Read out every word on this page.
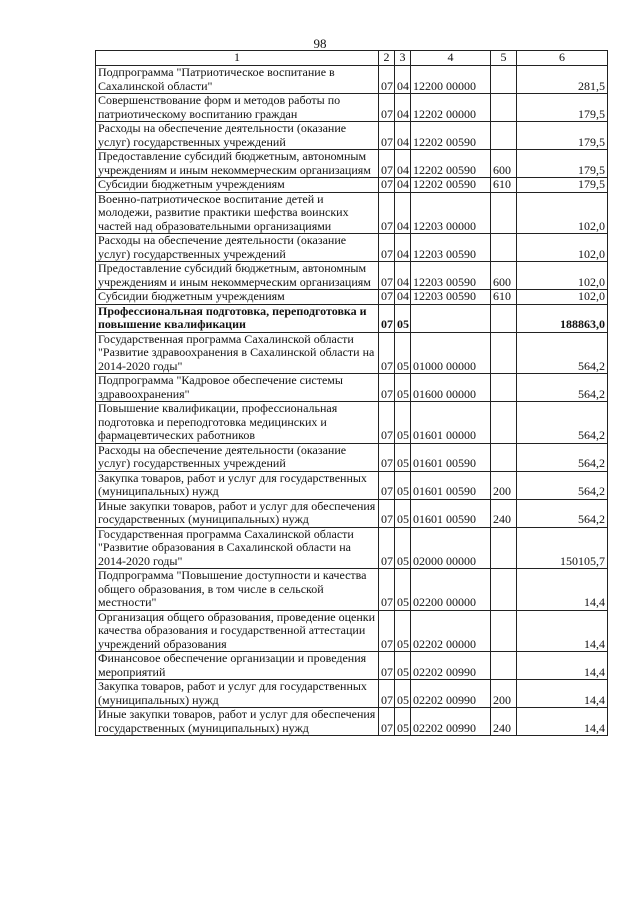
98
1	2	3	4	5	6
Подпрограмма "Патриотическое воспитание в Сахалинской области"	07	04	12200 00000		281,5
Совершенствование форм и методов работы по патриотическому воспитанию граждан	07	04	12202 00000		179,5
Расходы на обеспечение деятельности (оказание услуг) государственных учреждений	07	04	12202 00590		179,5
Предоставление субсидий бюджетным, автономным учреждениям и иным некоммерческим организациям	07	04	12202 00590	600	179,5
Субсидии бюджетным учреждениям	07	04	12202 00590	610	179,5
Военно-патриотическое воспитание детей и молодежи, развитие практики шефства воинских частей над образовательными организациями	07	04	12203 00000		102,0
Расходы на обеспечение деятельности (оказание услуг) государственных учреждений	07	04	12203 00590		102,0
Предоставление субсидий бюджетным, автономным учреждениям и иным некоммерческим организациям	07	04	12203 00590	600	102,0
Субсидии бюджетным учреждениям	07	04	12203 00590	610	102,0
Профессиональная подготовка, переподготовка и повышение квалификации	07	05			188863,0
Государственная программа Сахалинской области "Развитие здравоохранения в Сахалинской области на 2014-2020 годы"	07	05	01000 00000		564,2
Подпрограмма "Кадровое обеспечение системы здравоохранения"	07	05	01600 00000		564,2
Повышение квалификации, профессиональная подготовка и переподготовка медицинских и фармацевтических работников	07	05	01601 00000		564,2
Расходы на обеспечение деятельности (оказание услуг) государственных учреждений	07	05	01601 00590		564,2
Закупка товаров, работ и услуг для государственных (муниципальных) нужд	07	05	01601 00590	200	564,2
Иные закупки товаров, работ и услуг для обеспечения государственных (муниципальных) нужд	07	05	01601 00590	240	564,2
Государственная программа Сахалинской области "Развитие образования в Сахалинской области на 2014-2020 годы"	07	05	02000 00000		150105,7
Подпрограмма "Повышение доступности и качества общего образования, в том числе в сельской местности"	07	05	02200 00000		14,4
Организация общего образования, проведение оценки качества образования и государственной аттестации учреждений образования	07	05	02202 00000		14,4
Финансовое обеспечение организации и проведения мероприятий	07	05	02202 00990		14,4
Закупка товаров, работ и услуг для государственных (муниципальных) нужд	07	05	02202 00990	200	14,4
Иные закупки товаров, работ и услуг для обеспечения государственных (муниципальных) нужд	07	05	02202 00990	240	14,4
